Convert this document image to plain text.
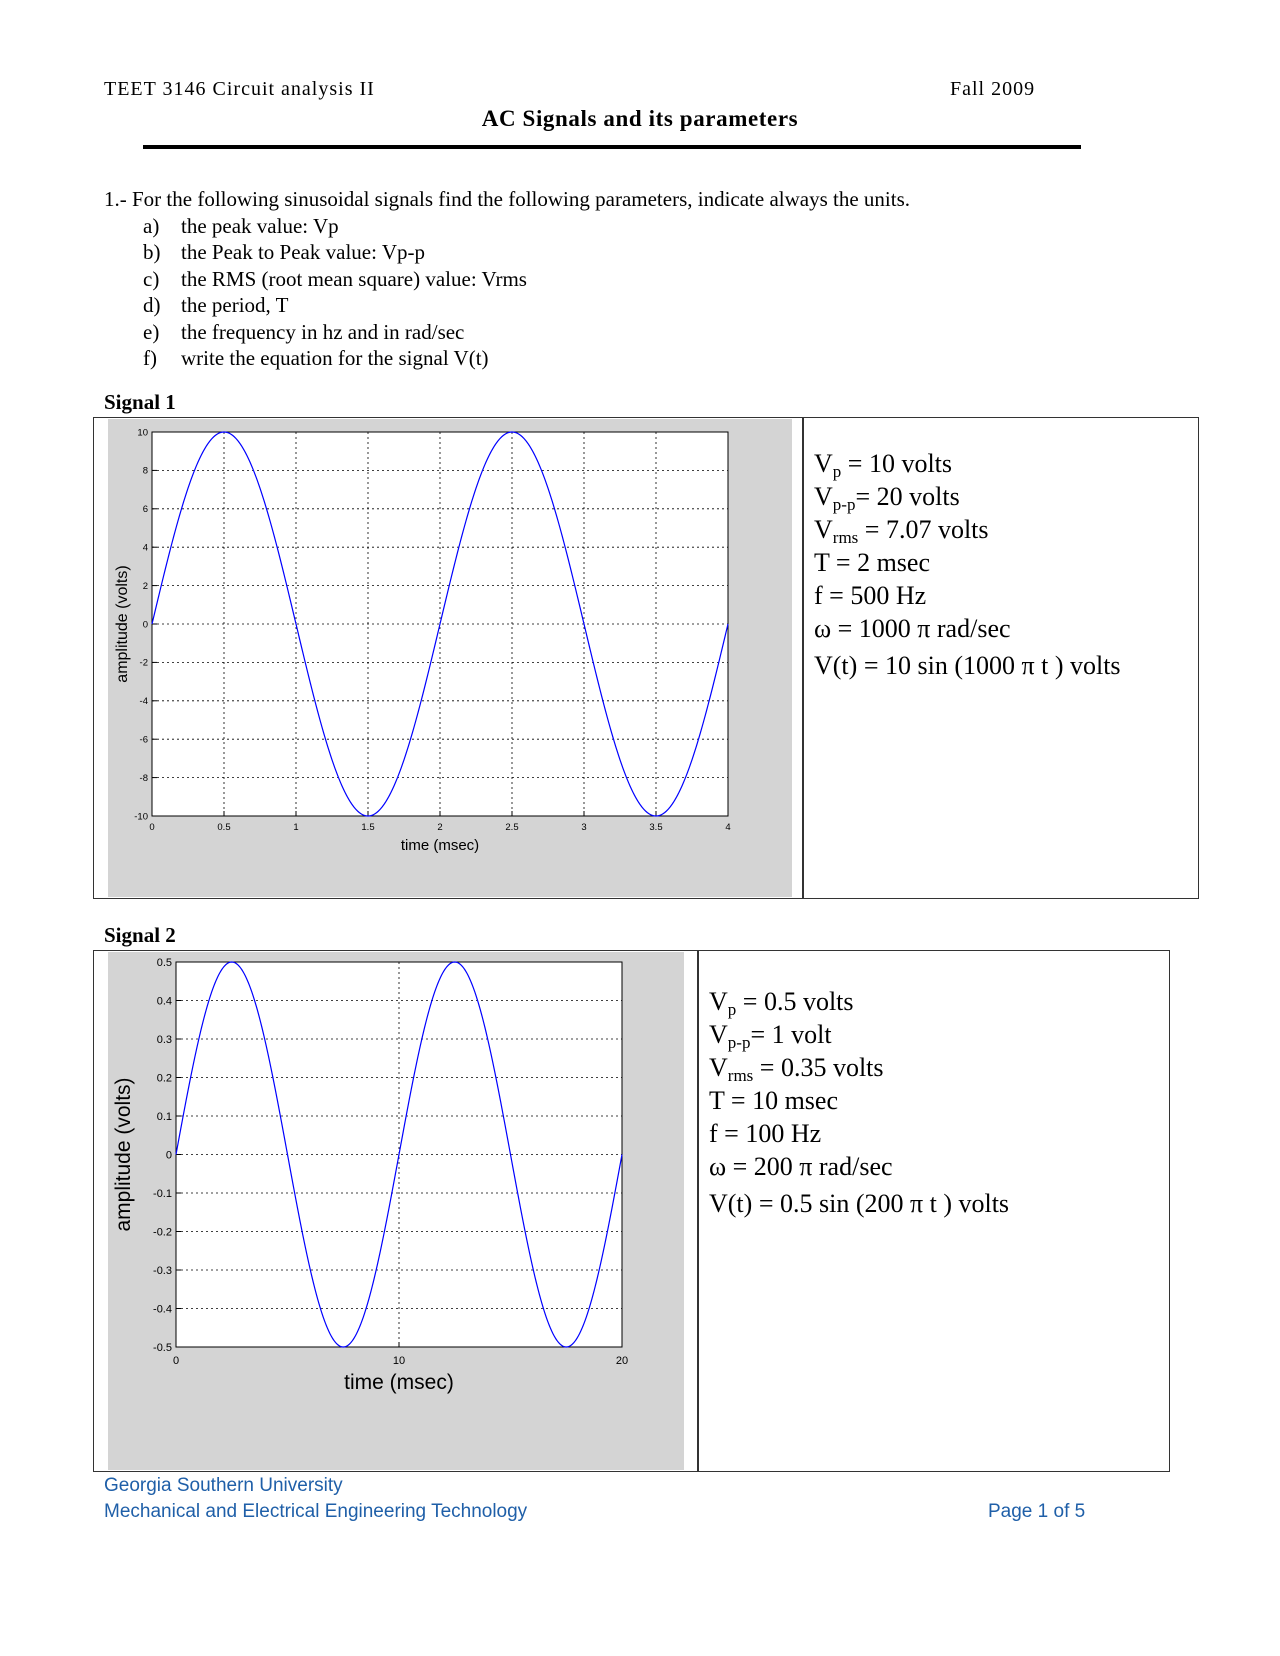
TEET 3146 Circuit analysis II	Fall 2009
AC Signals and its parameters
1.- For the following sinusoidal signals find the following parameters, indicate always the units.
a)	the peak value: Vp
b) the Peak to Peak value: Vp-p
c)	the RMS (root mean square) value: Vrms
d) the period, T
e)	the frequency in hz and in rad/sec
f)	write the equation for the signal V(t)
Signal 1
0	0.5	1	1.5	2	2.5	3	3.5	4
10
8
6
4
2
0
-2
-4
-6
-8
-10
time (msec)
amplitude (volts)
$V_p = 10$ volts
$V_{p-p}= 20$ volts
$V_{rms} = 7.07$ volts
T = 2 msec
f = 500 Hz
ω = 1000 π rad/sec
V(t) = 10 sin (1000 π t ) volts
Signal 2
0	10	20
0.5
0.4
0.3
0.2
0.1
0
-0.1
-0.2
-0.3
-0.4
-0.5
time (msec)
amplitude (volts)
$V_p = 0.5$ volts
$V_{p-p}= 1$ volt
$V_{rms} = 0.35$ volts
T = 10 msec
f = 100 Hz
ω = 200 π rad/sec
V(t) = 0.5 sin (200 π t ) volts
Georgia Southern University
Mechanical and Electrical Engineering Technology	Page 1 of 5
